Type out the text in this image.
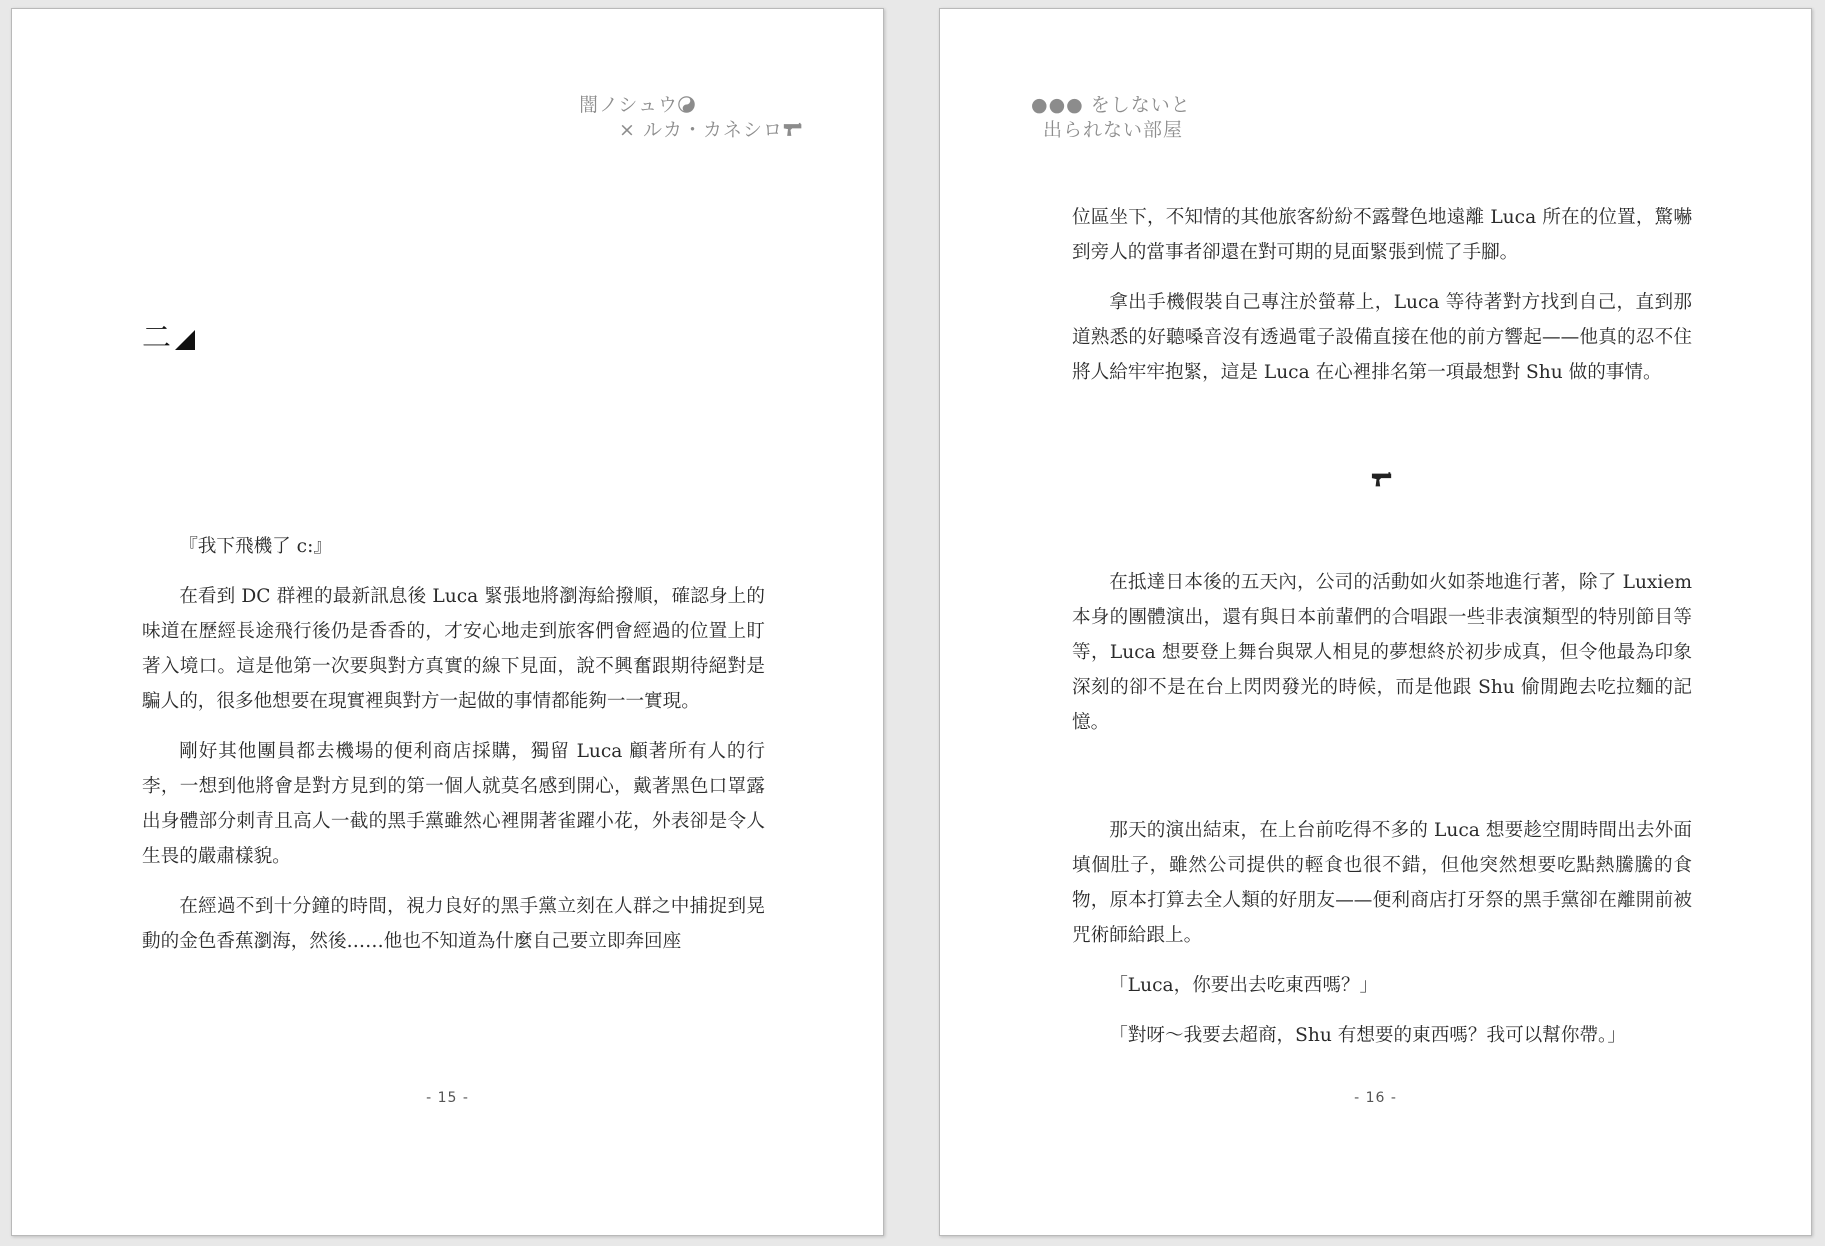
闇ノシュウ
× ルカ・カネシロ
二

『我下飛機了 c:』

在看到 DC 群裡的最新訊息後 Luca 緊張地將瀏海給撥順，確認身上的味道在歷經長途飛行後仍是香香的，才安心地走到旅客們會經過的位置上盯著入境口。這是他第一次要與對方真實的線下見面，說不興奮跟期待絕對是騙人的，很多他想要在現實裡與對方一起做的事情都能夠一一實現。

剛好其他團員都去機場的便利商店採購，獨留 Luca 顧著所有人的行李，一想到他將會是對方見到的第一個人就莫名感到開心，戴著黑色口罩露出身體部分刺青且高人一截的黑手黨雖然心裡開著雀躍小花，外表卻是令人生畏的嚴肅樣貌。

在經過不到十分鐘的時間，視力良好的黑手黨立刻在人群之中捕捉到晃動的金色香蕉瀏海，然後……他也不知道為什麼自己要立即奔回座

- 15 -
●●● をしないと
出られない部屋

位區坐下，不知情的其他旅客紛紛不露聲色地遠離 Luca 所在的位置，驚嚇到旁人的當事者卻還在對可期的見面緊張到慌了手腳。

拿出手機假裝自己專注於螢幕上，Luca 等待著對方找到自己，直到那道熟悉的好聽嗓音沒有透過電子設備直接在他的前方響起——他真的忍不住將人給牢牢抱緊，這是 Luca 在心裡排名第一項最想對 Shu 做的事情。

在抵達日本後的五天內，公司的活動如火如荼地進行著，除了 Luxiem 本身的團體演出，還有與日本前輩們的合唱跟一些非表演類型的特別節目等等，Luca 想要登上舞台與眾人相見的夢想終於初步成真，但令他最為印象深刻的卻不是在台上閃閃發光的時候，而是他跟 Shu 偷閒跑去吃拉麵的記憶。

那天的演出結束，在上台前吃得不多的 Luca 想要趁空閒時間出去外面填個肚子，雖然公司提供的輕食也很不錯，但他突然想要吃點熱騰騰的食物，原本打算去全人類的好朋友——便利商店打牙祭的黑手黨卻在離開前被咒術師給跟上。

「Luca，你要出去吃東西嗎？」

「對呀～我要去超商，Shu 有想要的東西嗎？我可以幫你帶。」

- 16 -
